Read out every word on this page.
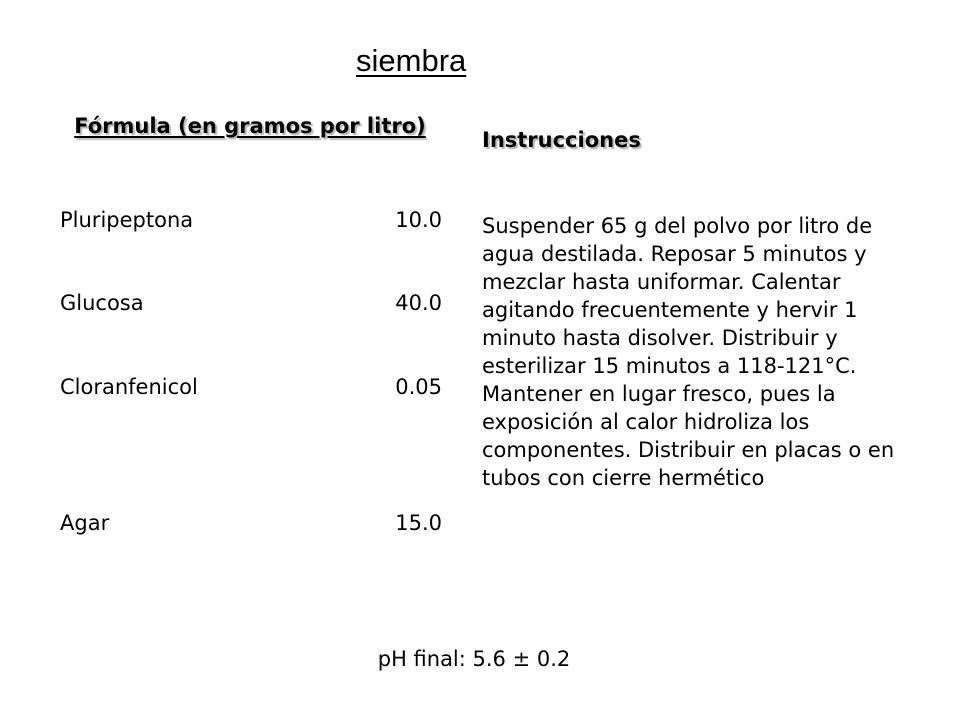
siembra
Fórmula (en gramos por litro)
Instrucciones
Pluripeptona	10.0
Glucosa	40.0
Cloranfenicol	0.05
Agar	15.0
Suspender 65 g del polvo por litro de agua destilada. Reposar 5 minutos y mezclar hasta uniformar. Calentar agitando frecuentemente y hervir 1 minuto hasta disolver. Distribuir y esterilizar 15 minutos a 118-121°C. Mantener en lugar fresco, pues la exposición al calor hidroliza los componentes. Distribuir en placas o en tubos con cierre hermético
pH final: 5.6 ± 0.2
